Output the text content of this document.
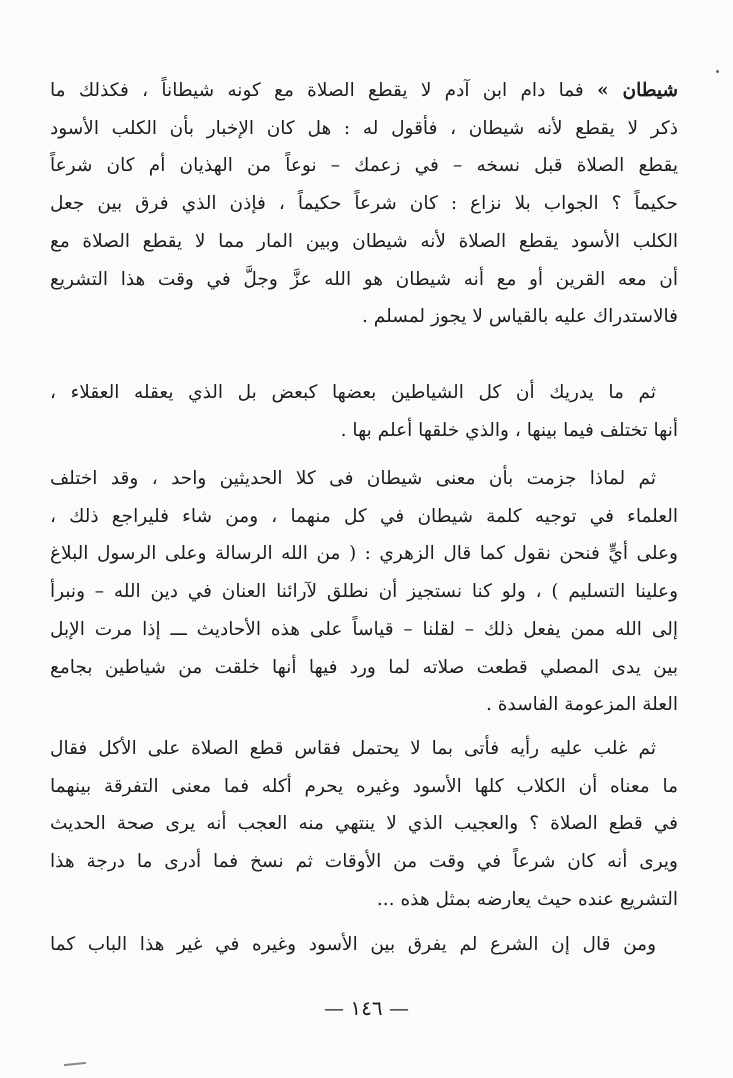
شيطان » فما دام ابن آدم لا يقطع الصلاة مع كونه شيطاناً ، فكذلك ما
ذكر لا يقطع لأنه شيطان ، فأقول له : هل كان الإخبار بأن الكلب الأسود
يقطع الصلاة قبل نسخه – في زعمك – نوعاً من الهذيان أم كان شرعاً
حكيماً ؟ الجواب بلا نزاع : كان شرعاً حكيماً ، فإذن الذي فرق بين جعل
الكلب الأسود يقطع الصلاة لأنه شيطان وبين المار مما لا يقطع الصلاة مع
أن معه القرين أو مع أنه شيطان هو الله عزَّ وجلَّ في وقت هذا التشريع
فالاستدراك عليه بالقياس لا يجوز لمسلم .
ثم ما يدريك أن كل الشياطين بعضها كبعض بل الذي يعقله العقلاء ،
أنها تختلف فيما بينها ، والذي خلقها أعلم بها .
ثم لماذا جزمت بأن معنى شيطان فى كلا الحديثين واحد ، وقد اختلف
العلماء في توجيه كلمة شيطان في كل منهما ، ومن شاء فليراجع ذلك ،
وعلى أيٍّ فنحن نقول كما قال الزهري : ( من الله الرسالة وعلى الرسول البلاغ
وعلينا التسليم ) ، ولو كنا نستجيز أن نطلق لآرائنا العنان في دين الله – ونبرأ
إلى الله ممن يفعل ذلك – لقلنا – قياساً على هذه الأحاديث ـــ إذا مرت الإبل
بين يدى المصلي قطعت صلاته لما ورد فيها أنها خلقت من شياطين بجامع
العلة المزعومة الفاسدة .
ثم غلب عليه رأيه فأتى بما لا يحتمل فقاس قطع الصلاة على الأكل فقال
ما معناه أن الكلاب كلها الأسود وغيره يحرم أكله فما معنى التفرقة بينهما
في قطع الصلاة ؟ والعجيب الذي لا ينتهي منه العجب أنه يرى صحة الحديث
ويرى أنه كان شرعاً في وقت من الأوقات ثم نسخ فما أدرى ما درجة هذا
التشريع عنده حيث يعارضه بمثل هذه ...
ومن قال إن الشرع لم يفرق بين الأسود وغيره في غير هذا الباب كما
— ١٤٦ —
